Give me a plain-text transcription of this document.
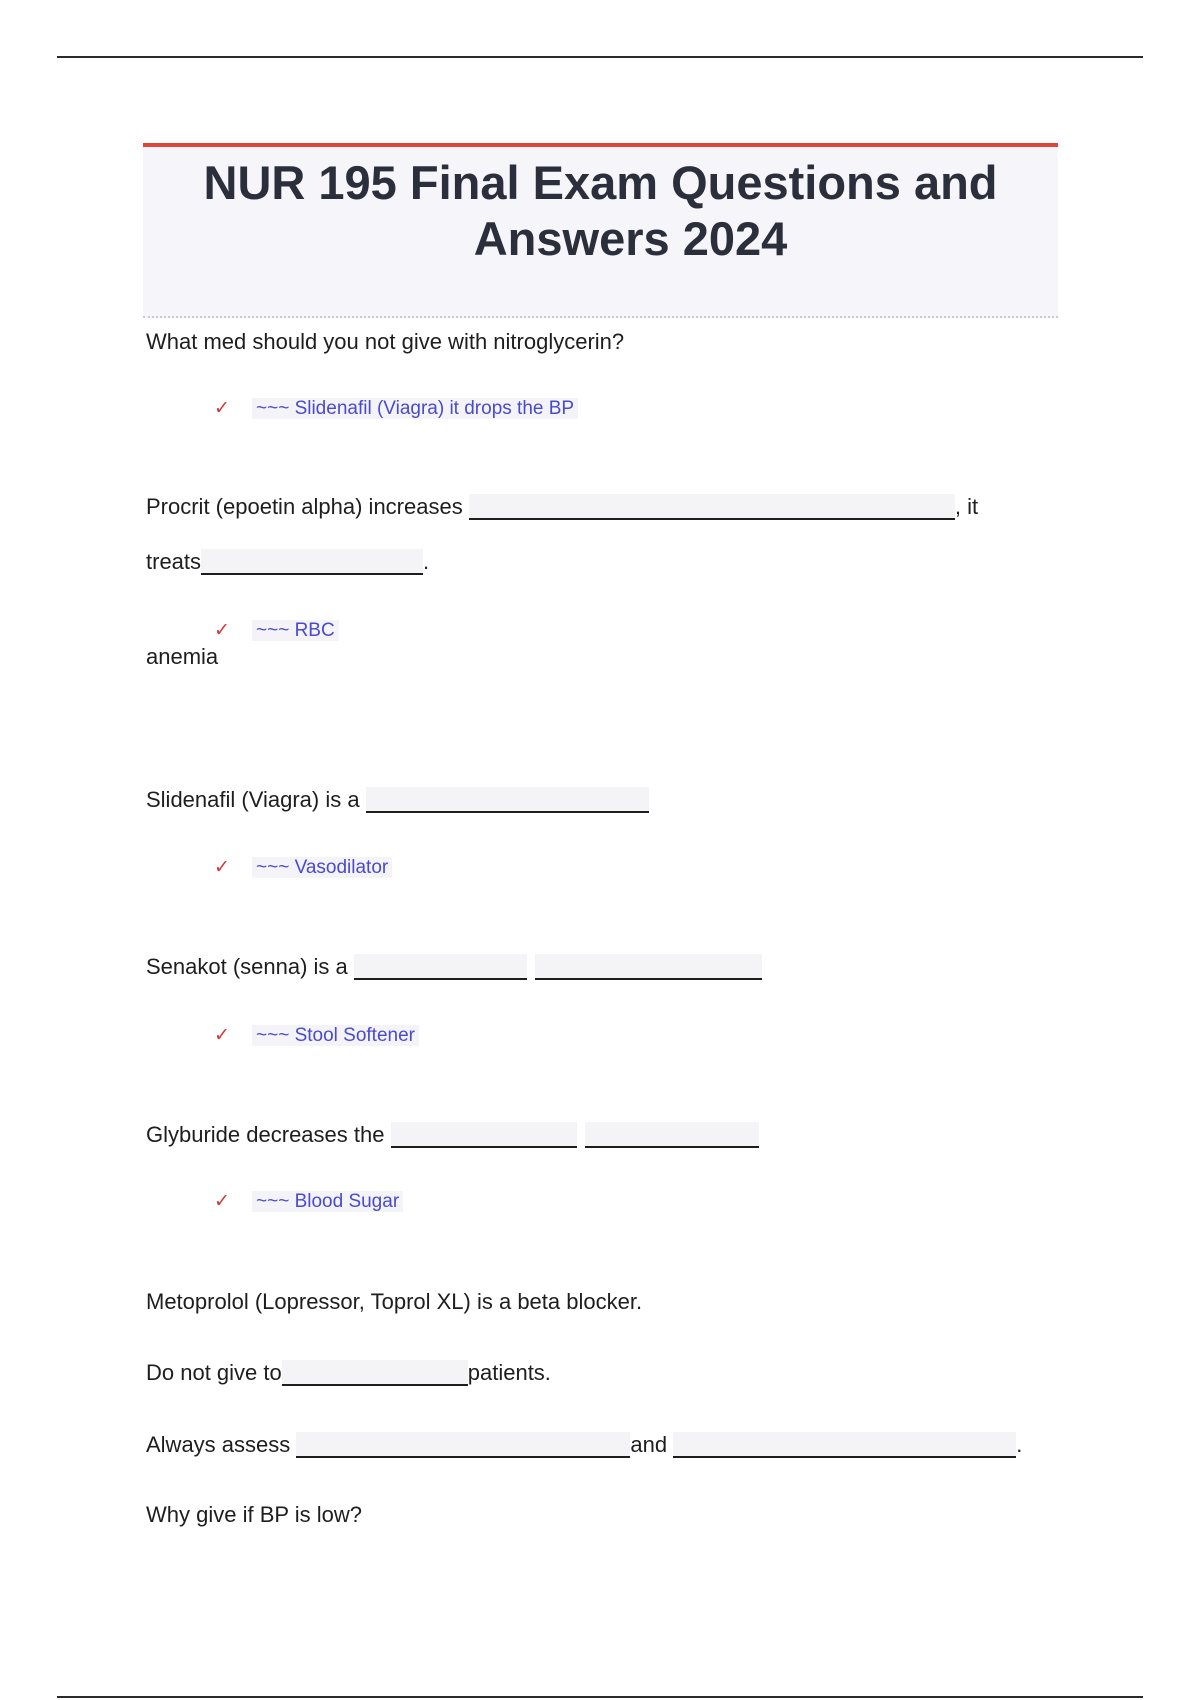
NUR 195 Final Exam Questions and
Answers 2024
What med should you not give with nitroglycerin?
✓ ~~~ Slidenafil (Viagra) it drops the BP
Procrit (epoetin alpha) increases	, it
treats	.
✓ ~~~ RBC
anemia
Slidenafil (Viagra) is a
✓ ~~~ Vasodilator
Senakot (senna) is a
✓ ~~~ Stool Softener
Glyburide decreases the
✓ ~~~ Blood Sugar
Metoprolol (Lopressor, Toprol XL) is a beta blocker.
Do not give to	patients.
Always assess	and	.
Why give if BP is low?
